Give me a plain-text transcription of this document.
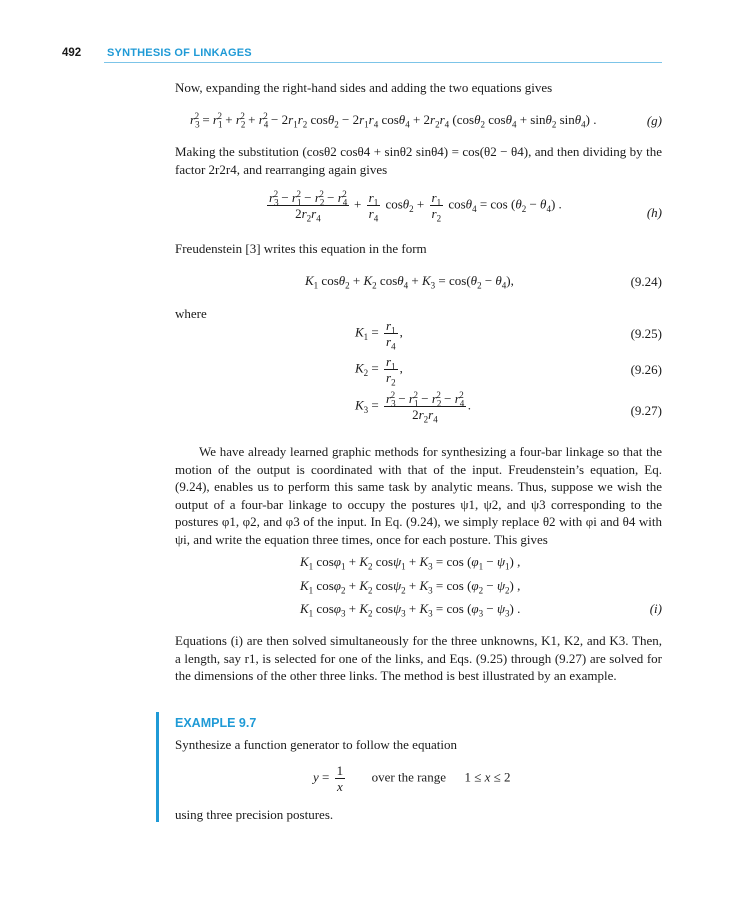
492 SYNTHESIS OF LINKAGES

Now, expanding the right-hand sides and adding the two equations gives

$r_3^2 = r_1^2 + r_2^2 + r_4^2 - 2r_1r_2$ $\cos\theta_2 - 2r_1r_4$ $\cos\theta_4 + 2r_2r_4$ (cosθ$_2$ cosθ$_4$ + sinθ$_2$ sinθ$_4$) .	(g)

Making the substitution (cosθ2 cosθ4 + sinθ2 sinθ4) = cos(θ2 − θ4), and then dividing by the factor 2r2r4, and rearranging again gives

$\frac{r_3^2 - r_1^2 - r_2^2 - r_4^2}{2r_2r_4} + \frac{r_1}{r_4} \cos\theta_2 + \frac{r_1}{r_2} \cos\theta_4 = \cos (\theta_2 - \theta_4)$ .
(h)

Freudenstein [3] writes this equation in the form

$K_1$ $\cos\theta_2 + K_2$ $\cos\theta_4 + K_3 = \cos(\theta_2 - \theta_4)$,	(9.24)

where

$K_1 = \frac{r_1}{r_4}$ ,	(9.25)
$K_2 = \frac{r_1}{r_2}$ ,	(9.26)
$K_3 = \frac{r_3^2 - r_1^2 - r_2^2 - r_4^2}{2r_2r_4}$ .	(9.27)

We have already learned graphic methods for synthesizing a four-bar linkage so that the motion of the output is coordinated with that of the input. Freudenstein’s equation, Eq. (9.24), enables us to perform this same task by analytic means. Thus, suppose we wish the output of a four-bar linkage to occupy the postures ψ1, ψ2, and ψ3 corresponding to the postures φ1, φ2, and φ3 of the input. In Eq. (9.24), we simply replace θ2 with φi and θ4 with ψi, and write the equation three times, once for each posture. This gives

$K_1$ $\cos\varphi_1 + K_2$ $\cos\psi_1 + K_3 = \cos (\varphi_1 - \psi_1)$ ,
$K_1$ $\cos\varphi_2 + K_2$ $\cos\psi_2 + K_3 = \cos (\varphi_2 - \psi_2)$ ,
$K_1$ $\cos\varphi_3 + K_2$ $\cos\psi_3 + K_3 = \cos (\varphi_3 - \psi_3)$ .	(i)

Equations (i) are then solved simultaneously for the three unknowns, K1, K2, and K3. Then, a length, say r1, is selected for one of the links, and Eqs. (9.25) through (9.27) are solved for the dimensions of the other three links. The method is best illustrated by an example.

EXAMPLE 9.7

Synthesize a function generator to follow the equation

$y = \frac{1}{x}$ over the range  1 ≤ x ≤ 2

using three precision postures.
